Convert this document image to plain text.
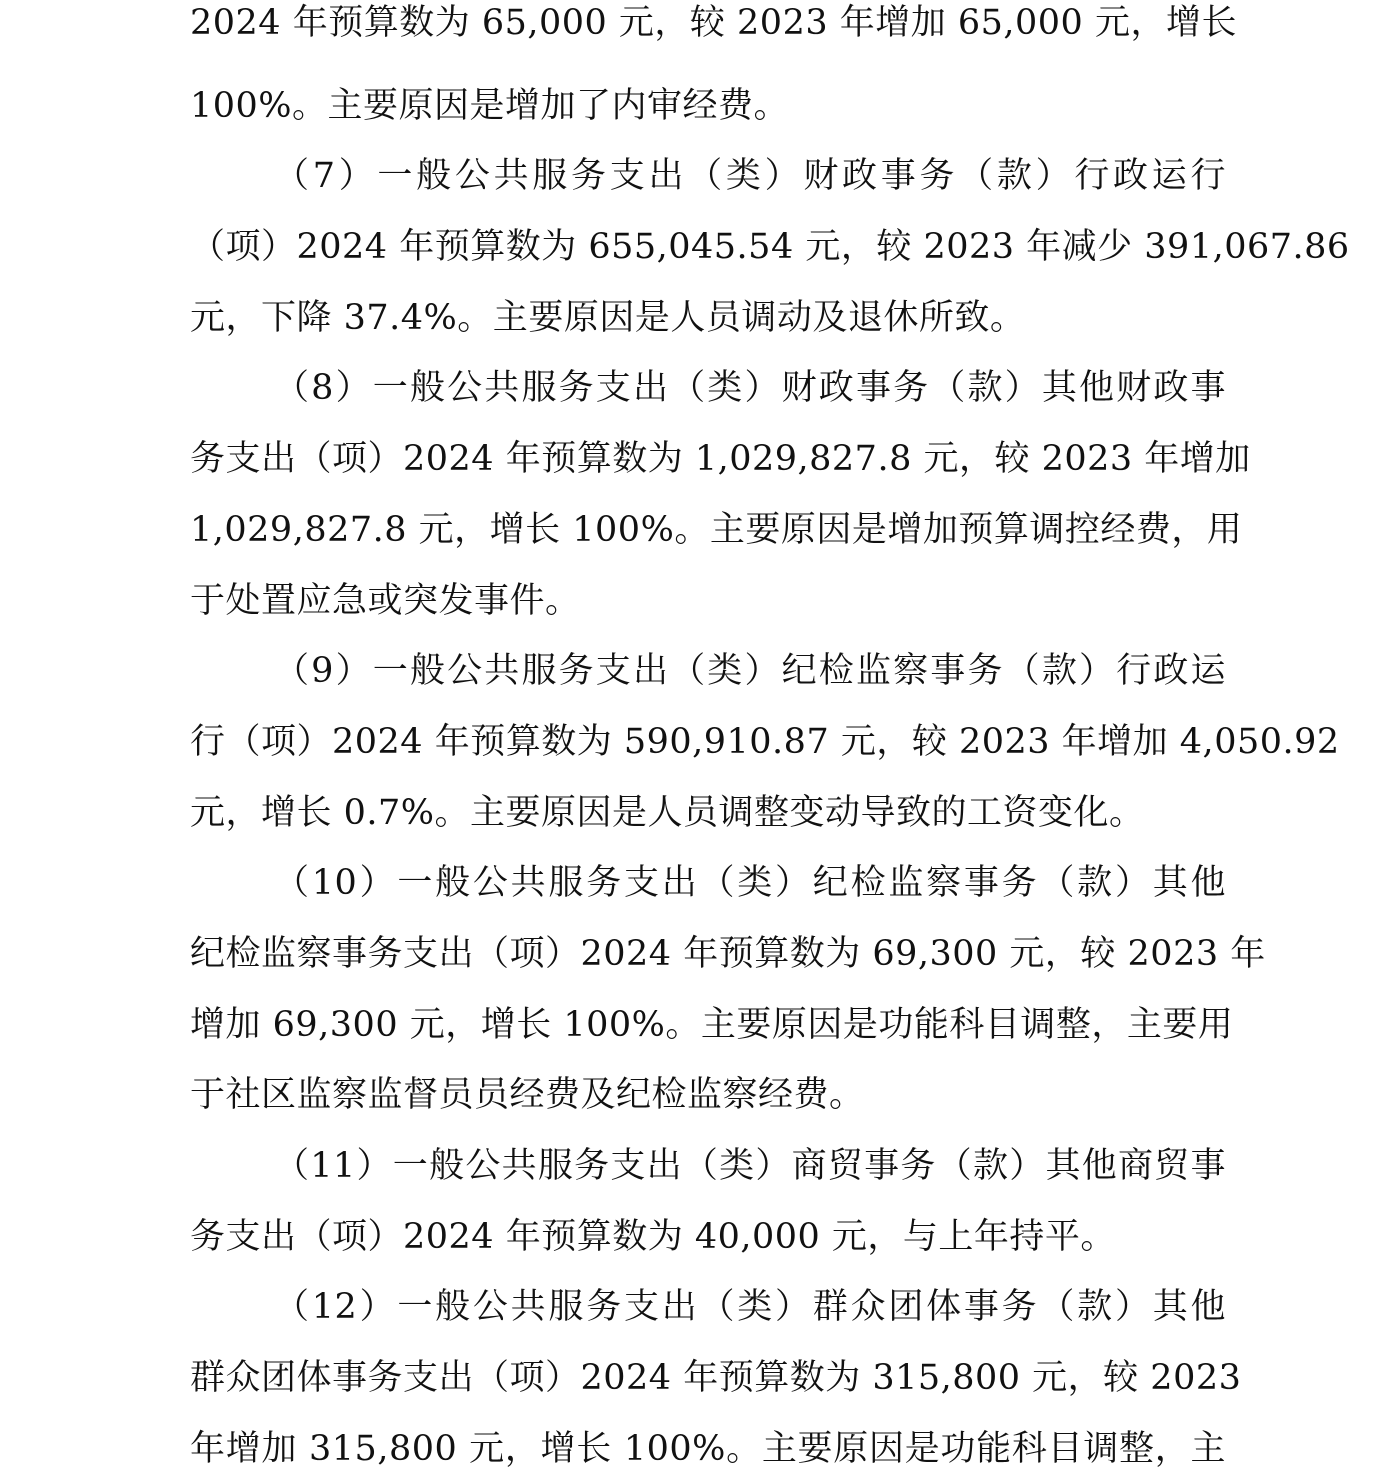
2024 年预算数为 65,000 元，较 2023 年增加 65,000 元，增长
100%。主要原因是增加了内审经费。
（7）一般公共服务支出（类）财政事务（款）行政运行
（项）2024 年预算数为 655,045.54 元，较 2023 年减少 391,067.86
元，下降 37.4%。主要原因是人员调动及退休所致。
（8）一般公共服务支出（类）财政事务（款）其他财政事
务支出（项）2024 年预算数为 1,029,827.8 元，较 2023 年增加
1,029,827.8 元，增长 100%。主要原因是增加预算调控经费，用
于处置应急或突发事件。
（9）一般公共服务支出（类）纪检监察事务（款）行政运
行（项）2024 年预算数为 590,910.87 元，较 2023 年增加 4,050.92
元，增长 0.7%。主要原因是人员调整变动导致的工资变化。
（10）一般公共服务支出（类）纪检监察事务（款）其他
纪检监察事务支出（项）2024 年预算数为 69,300 元，较 2023 年
增加 69,300 元，增长 100%。主要原因是功能科目调整，主要用
于社区监察监督员员经费及纪检监察经费。
（11）一般公共服务支出（类）商贸事务（款）其他商贸事
务支出（项）2024 年预算数为 40,000 元，与上年持平。
（12）一般公共服务支出（类）群众团体事务（款）其他
群众团体事务支出（项）2024 年预算数为 315,800 元，较 2023
年增加 315,800 元，增长 100%。主要原因是功能科目调整，主
